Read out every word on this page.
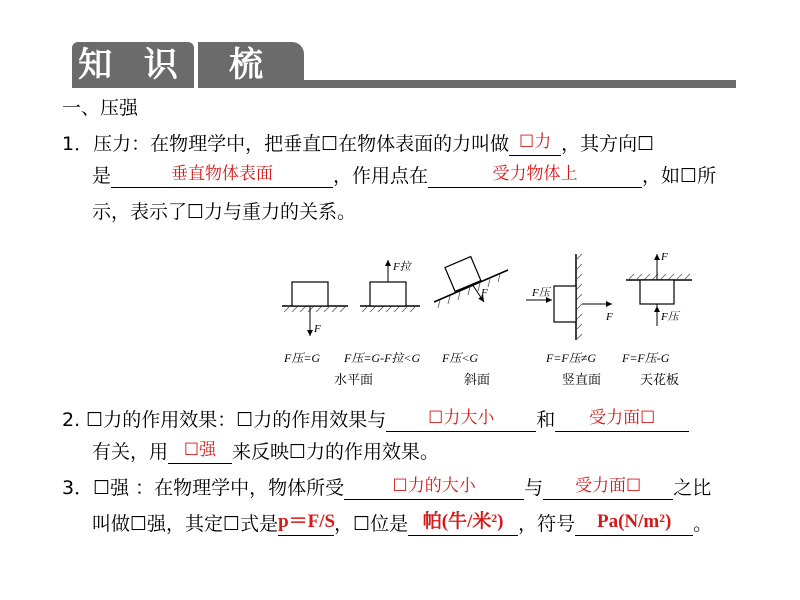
知 识	梳 理
一、压强
1．压力：在物理学中，把垂直☐在物体表面的力叫做 ☐力 ，其方向☐
是	垂直物体表面	，作用点在	受力物体上	，如☐所
示，表示了☐力与重力的关系。
F
F压=G
水平面
F拉
F压=G-F拉<G
F
F压<G
斜面
F压
F
F=F压≠G
竖直面
F
F压
F=F压-G
天花板
2. ☐力的作用效果：☐力的作用效果与	☐力大小	和	受力面☐
有关，用 ☐强 来反映☐力的作用效果。
3．☐强 ：在物理学中，物体所受	☐力的大小	与	受力面☐	之比
叫做☐强，其定☐式是 p＝F/S
，☐位是 帕(牛/米²) ，符号	Pa(N/m²)	。
